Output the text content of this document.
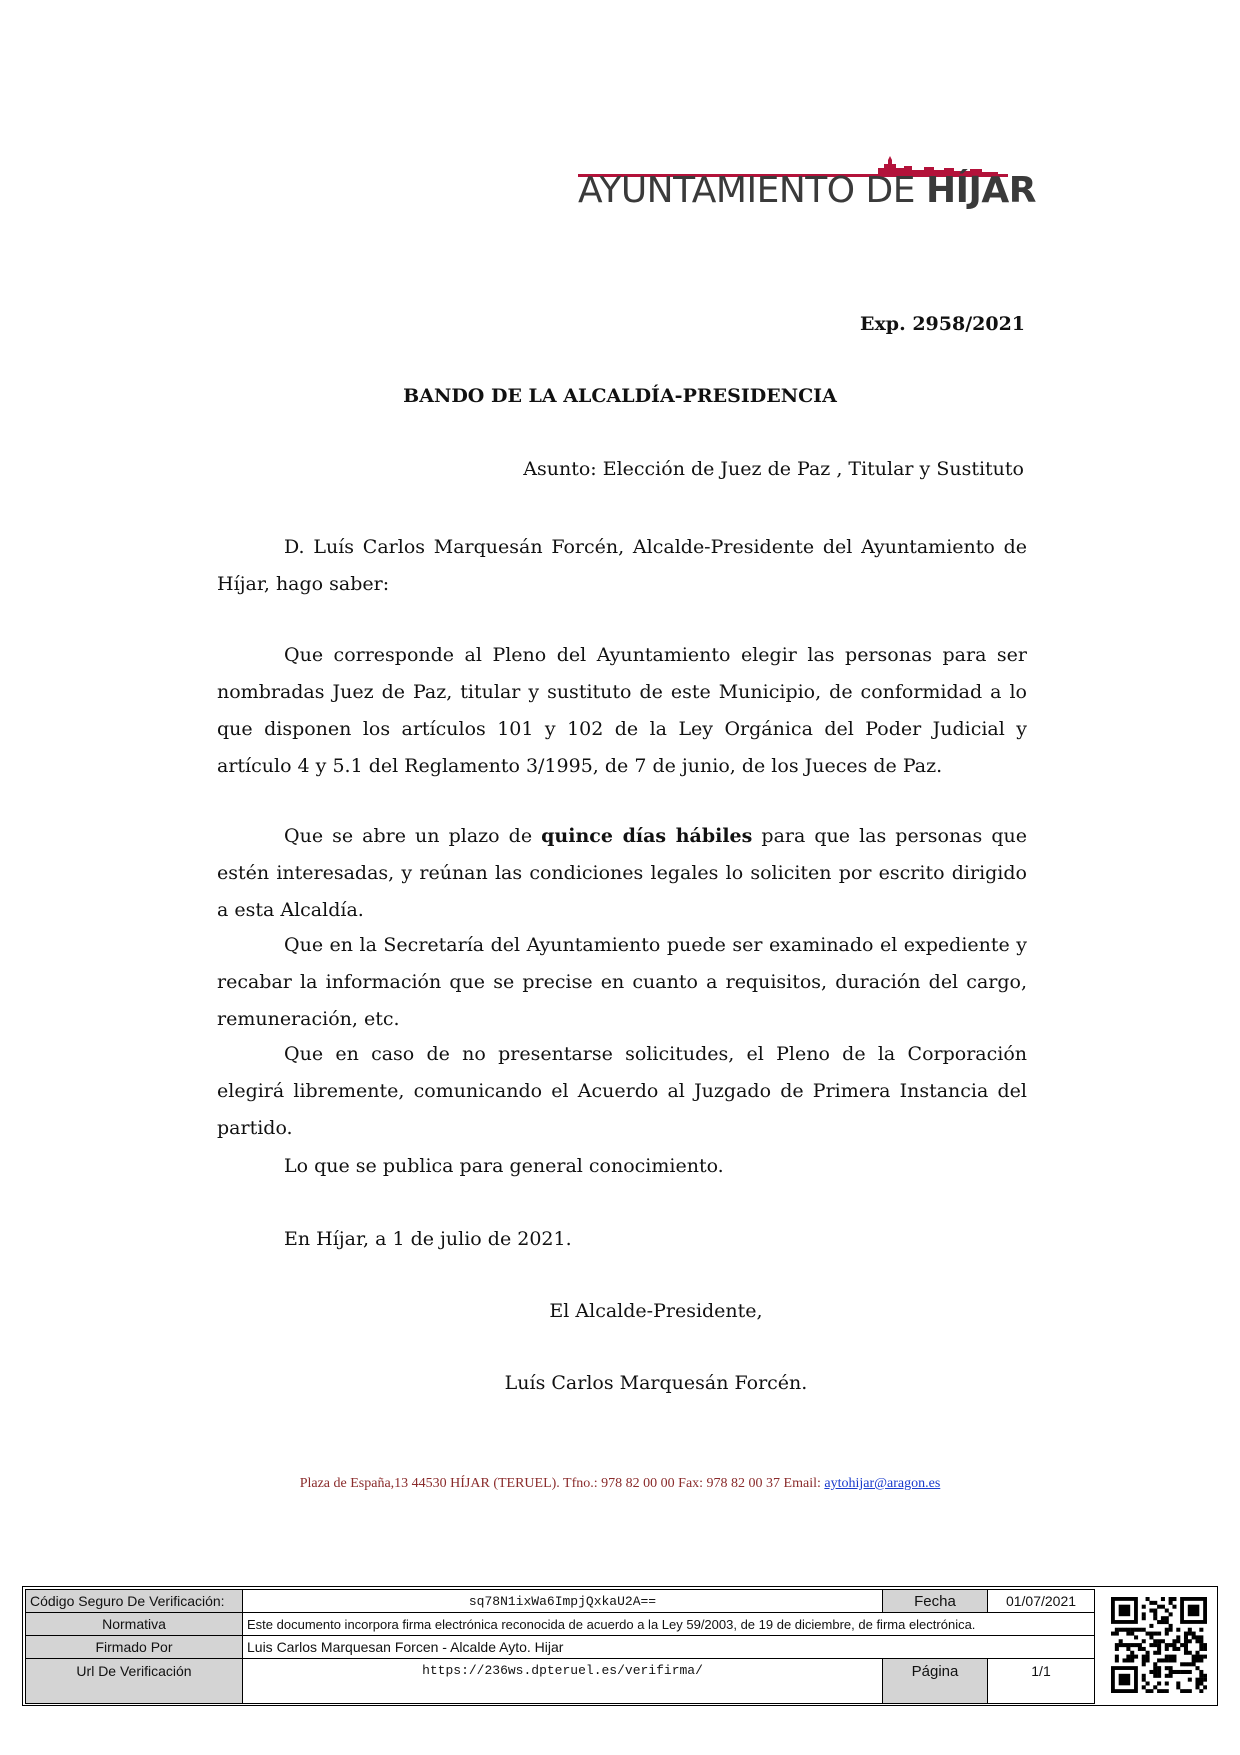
AYUNTAMIENTO DE HÍJAR
Exp. 2958/2021
BANDO DE LA ALCALDÍA-PRESIDENCIA
Asunto: Elección de Juez de Paz , Titular y Sustituto
D. Luís Carlos Marquesán Forcén, Alcalde-Presidente del Ayuntamiento de Híjar, hago saber:
Que corresponde al Pleno del Ayuntamiento elegir las personas para ser nombradas Juez de Paz, titular y sustituto de este Municipio, de conformidad a lo que disponen los artículos 101 y 102 de la Ley Orgánica del Poder Judicial y artículo 4 y 5.1 del Reglamento 3/1995, de 7 de junio, de los Jueces de Paz.
Que se abre un plazo de quince días hábiles para que las personas que estén interesadas, y reúnan las condiciones legales lo soliciten por escrito dirigido a esta Alcaldía.
Que en la Secretaría del Ayuntamiento puede ser examinado el expediente y recabar la información que se precise en cuanto a requisitos, duración del cargo, remuneración, etc.
Que en caso de no presentarse solicitudes, el Pleno de la Corporación elegirá libremente, comunicando el Acuerdo al Juzgado de Primera Instancia del partido.
Lo que se publica para general conocimiento.
En Híjar, a 1 de julio de 2021.
El Alcalde-Presidente,
Luís Carlos Marquesán Forcén.
Plaza de España,13 44530 HÍJAR (TERUEL). Tfno.: 978 82 00 00 Fax: 978 82 00 37 Email: aytohijar@aragon.es
Código Seguro De Verificación:	sq78N1ixWa6ImpjQxkaU2A==	Fecha	01/07/2021
Normativa	Este documento incorpora firma electrónica reconocida de acuerdo a la Ley 59/2003, de 19 de diciembre, de firma electrónica.		
Firmado Por	Luis Carlos Marquesan Forcen - Alcalde Ayto. Hijar		
Url De Verificación	https://236ws.dpteruel.es/verifirma/	Página	1/1
